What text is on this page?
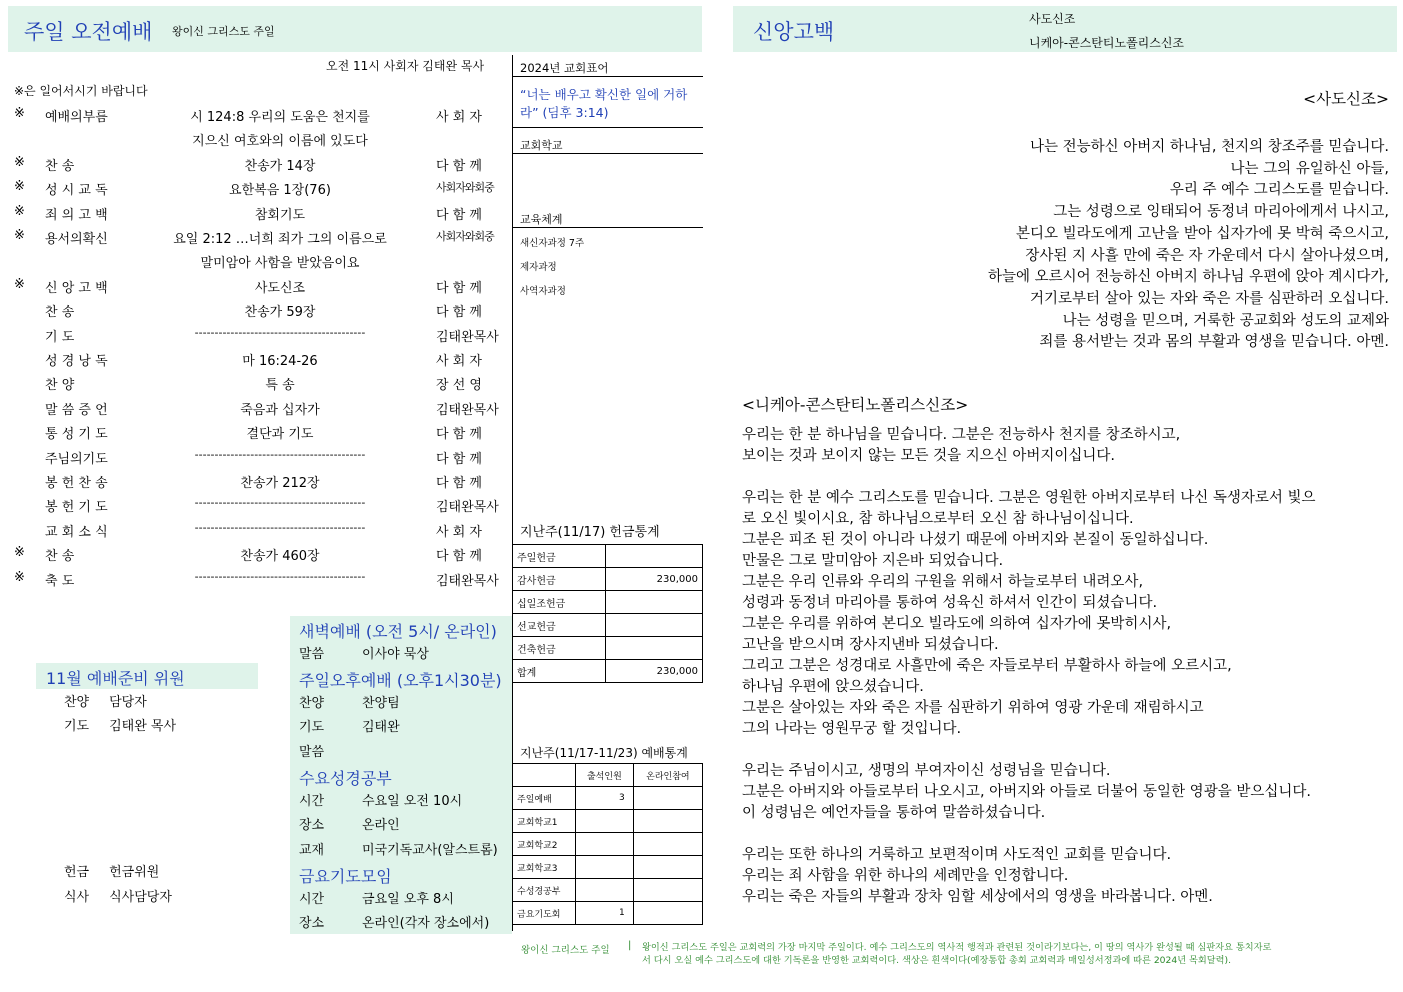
주일 오전예배 왕이신 그리스도 주일
오전 11시 사회자 김태완 목사
※은 일어서시기 바랍니다
※ 예배의부름	시 124:8 우리의 도움은 천지를	사 회 자
지으신 여호와의 이름에 있도다
※ 찬 송	찬송가 14장	다 함 께
※ 성 시 교 독	요한복음 1장(76)	사회자와회중
※ 죄 의 고 백	참회기도	다 함 께
※ 용서의확신	요일 2:12 …너희 죄가 그의 이름으로	사회자와회중
말미암아 사함을 받았음이요
※ 신 앙 고 백	사도신조	다 함 께
찬 송	찬송가 59장	다 함 께
기 도	-------------------------------------------	김태완목사
성 경 낭 독	마 16:24-26	사 회 자
찬 양	특 송	장 선 영
말 씀 증 언	죽음과 십자가	김태완목사
통 성 기 도	결단과 기도	다 함 께
주님의기도	-------------------------------------------	다 함 께
봉 헌 찬 송	찬송가 212장	다 함 께
봉 헌 기 도	-------------------------------------------	김태완목사
교 회 소 식	-------------------------------------------	사 회 자
※ 찬 송	찬송가 460장	다 함 께
※ 축 도	-------------------------------------------	김태완목사
2024년 교회표어
“너는 배우고 확신한 일에 거하라” (딤후 3:14)
교회학교
교육체계
새신자과정 7주
제자과정
사역자과정
지난주(11/17) 헌금통계
주일헌금	
감사헌금	230,000
십일조헌금	
선교헌금	
건축헌금	
합계	230,000
지난주(11/17-11/23) 예배통계
	출석인원	온라인참여
주일예배	3	
교회학교1		
교회학교2		
교회학교3		
수성경공부		
금요기도회	1	
11월 예배준비 위원
찬양 담당자
기도 김태완 목사
헌금 헌금위원
식사 식사담당자
새벽예배 (오전 5시/ 온라인)
말씀	이사야 묵상
주일오후예배 (오후1시30분)
찬양	찬양팀
기도	김태완
말씀
수요성경공부
시간	수요일 오전 10시
장소	온라인
교재	미국기독교사(알스트롬)
금요기도모임
시간	금요일 오후 8시
장소	온라인(각자 장소에서)
왕이신 그리스도 주일 | 왕이신 그리스도 주일은 교회력의 가장 마지막 주일이다. 예수 그리스도의 역사적 행적과 관련된 것이라기보다는, 이 땅의 역사가 완성될 때 심판자요 통치자로
서 다시 오실 예수 그리스도에 대한 기독론을 반영한 교회력이다. 색상은 흰색이다(예장통합 총회 교회력과 매일성서정과에 따른 2024년 목회달력).
신앙고백
사도신조
니케아-콘스탄티노폴리스신조
<사도신조>
나는 전능하신 아버지 하나님, 천지의 창조주를 믿습니다.
나는 그의 유일하신 아들,
우리 주 예수 그리스도를 믿습니다.
그는 성령으로 잉태되어 동정녀 마리아에게서 나시고,
본디오 빌라도에게 고난을 받아 십자가에 못 박혀 죽으시고,
장사된 지 사흘 만에 죽은 자 가운데서 다시 살아나셨으며,
하늘에 오르시어 전능하신 아버지 하나님 우편에 앉아 계시다가,
거기로부터 살아 있는 자와 죽은 자를 심판하러 오십니다.
나는 성령을 믿으며, 거룩한 공교회와 성도의 교제와
죄를 용서받는 것과 몸의 부활과 영생을 믿습니다. 아멘.
<니케아-콘스탄티노폴리스신조>
우리는 한 분 하나님을 믿습니다. 그분은 전능하사 천지를 창조하시고,
보이는 것과 보이지 않는 모든 것을 지으신 아버지이십니다.
우리는 한 분 예수 그리스도를 믿습니다. 그분은 영원한 아버지로부터 나신 독생자로서 빛으
로 오신 빛이시요, 참 하나님으로부터 오신 참 하나님이십니다.
그분은 피조 된 것이 아니라 나셨기 때문에 아버지와 본질이 동일하십니다.
만물은 그로 말미암아 지은바 되었습니다.
그분은 우리 인류와 우리의 구원을 위해서 하늘로부터 내려오사,
성령과 동정녀 마리아를 통하여 성육신 하셔서 인간이 되셨습니다.
그분은 우리를 위하여 본디오 빌라도에 의하여 십자가에 못박히시사,
고난을 받으시며 장사지낸바 되셨습니다.
그리고 그분은 성경대로 사흘만에 죽은 자들로부터 부활하사 하늘에 오르시고,
하나님 우편에 앉으셨습니다.
그분은 살아있는 자와 죽은 자를 심판하기 위하여 영광 가운데 재림하시고
그의 나라는 영원무궁 할 것입니다.
우리는 주님이시고, 생명의 부여자이신 성령님을 믿습니다.
그분은 아버지와 아들로부터 나오시고, 아버지와 아들로 더불어 동일한 영광을 받으십니다.
이 성령님은 예언자들을 통하여 말씀하셨습니다.
우리는 또한 하나의 거룩하고 보편적이며 사도적인 교회를 믿습니다.
우리는 죄 사함을 위한 하나의 세례만을 인정합니다.
우리는 죽은 자들의 부활과 장차 임할 세상에서의 영생을 바라봅니다. 아멘.
